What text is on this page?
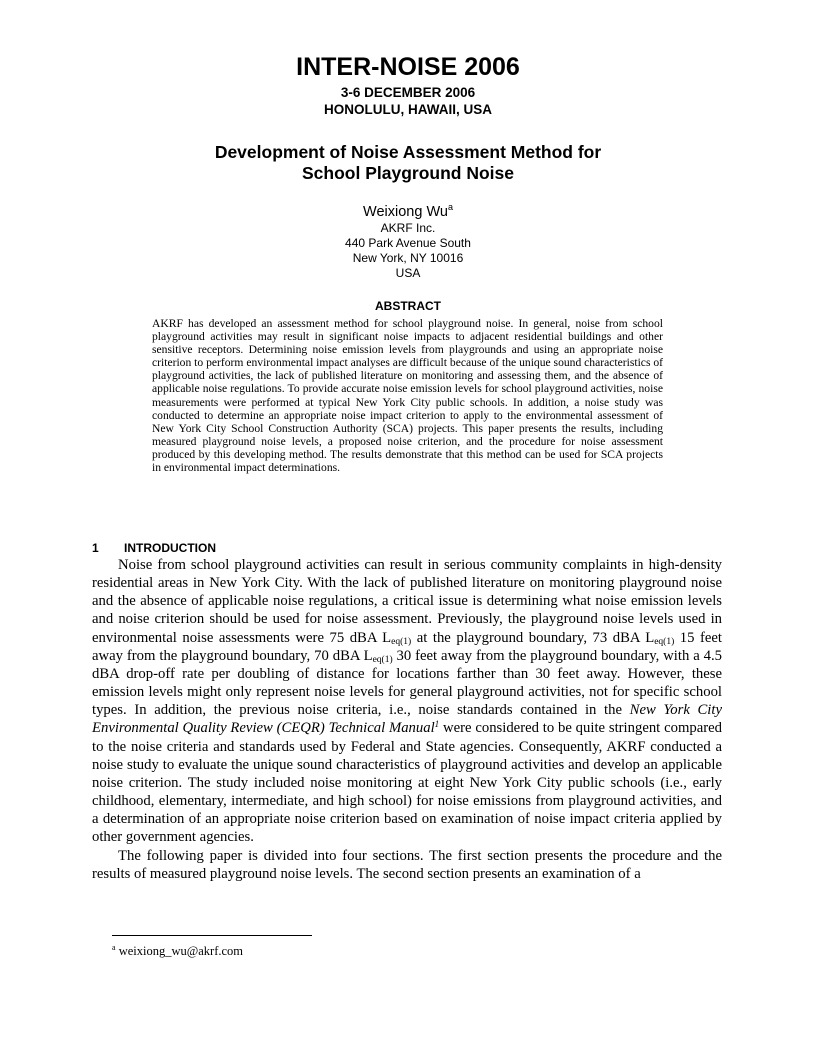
INTER-NOISE 2006
3-6 DECEMBER 2006
HONOLULU, HAWAII, USA
Development of Noise Assessment Method for
School Playground Noise
Weixiong Wu$^a$
AKRF Inc.
440 Park Avenue South
New York, NY 10016
USA
ABSTRACT
AKRF has developed an assessment method for school playground noise. In general, noise from school playground activities may result in significant noise impacts to adjacent residential buildings and other sensitive receptors. Determining noise emission levels from playgrounds and using an appropriate noise criterion to perform environmental impact analyses are difficult because of the unique sound characteristics of playground activities, the lack of published literature on monitoring and assessing them, and the absence of applicable noise regulations. To provide accurate noise emission levels for school playground activities, noise measurements were performed at typical New York City public schools. In addition, a noise study was conducted to determine an appropriate noise impact criterion to apply to the environmental assessment of New York City School Construction Authority (SCA) projects. This paper presents the results, including measured playground noise levels, a proposed noise criterion, and the procedure for noise assessment produced by this developing method. The results demonstrate that this method can be used for SCA projects in environmental impact determinations.
1 INTRODUCTION

Noise from school playground activities can result in serious community complaints in high-density residential areas in New York City. With the lack of published literature on monitoring playground noise and the absence of applicable noise regulations, a critical issue is determining what noise emission levels and noise criterion should be used for noise assessment. Previously, the playground noise levels used in environmental noise assessments were 75 dBA $L_{eq(1)}$ at the playground boundary, 73 dBA $L_{eq(1)}$ 15 feet away from the playground boundary, 70 dBA $L_{eq(1)}$ 30 feet away from the playground boundary, with a 4.5 dBA drop-off rate per doubling of distance for locations farther than 30 feet away. However, these emission levels might only represent noise levels for general playground activities, not for specific school types. In addition, the previous noise criteria, i.e., noise standards contained in the New York City Environmental Quality Review (CEQR) Technical Manual$^1$ were considered to be quite stringent compared to the noise criteria and standards used by Federal and State agencies. Consequently, AKRF conducted a noise study to evaluate the unique sound characteristics of playground activities and develop an applicable noise criterion. The study included noise monitoring at eight New York City public schools (i.e., early childhood, elementary, intermediate, and high school) for noise emissions from playground activities, and a determination of an appropriate noise criterion based on examination of noise impact criteria applied by other government agencies.

The following paper is divided into four sections. The first section presents the procedure and the results of measured playground noise levels. The second section presents an examination of a

$^a$ weixiong_wu@akrf.com
